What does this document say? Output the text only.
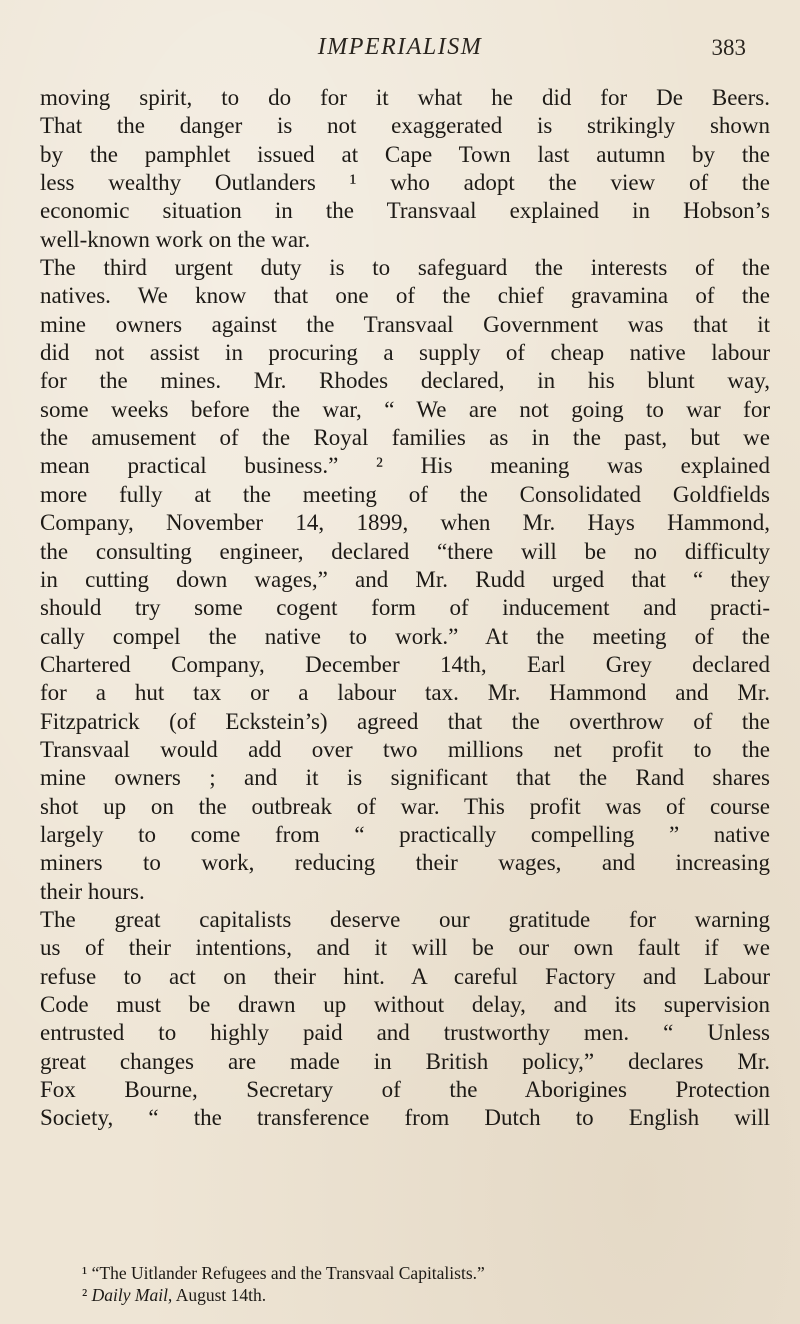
IMPERIALISM	383
moving spirit, to do for it what he did for De Beers.
That the danger is not exaggerated is strikingly shown
by the pamphlet issued at Cape Town last autumn by the
less wealthy Outlanders ¹ who adopt the view of the
economic situation in the Transvaal explained in Hobson’s
well-known work on the war.
The third urgent duty is to safeguard the interests of the
natives. We know that one of the chief gravamina of the
mine owners against the Transvaal Government was that it
did not assist in procuring a supply of cheap native labour
for the mines. Mr. Rhodes declared, in his blunt way,
some weeks before the war, “ We are not going to war for
the amusement of the Royal families as in the past, but we
mean practical business.” ² His meaning was explained
more fully at the meeting of the Consolidated Goldfields
Company, November 14, 1899, when Mr. Hays Hammond,
the consulting engineer, declared “there will be no difficulty
in cutting down wages,” and Mr. Rudd urged that “ they
should try some cogent form of inducement and practi-
cally compel the native to work.” At the meeting of the
Chartered Company, December 14th, Earl Grey declared
for a hut tax or a labour tax. Mr. Hammond and Mr.
Fitzpatrick (of Eckstein’s) agreed that the overthrow of the
Transvaal would add over two millions net profit to the
mine owners ; and it is significant that the Rand shares
shot up on the outbreak of war. This profit was of course
largely to come from “ practically compelling ” native
miners to work, reducing their wages, and increasing
their hours.
The great capitalists deserve our gratitude for warning
us of their intentions, and it will be our own fault if we
refuse to act on their hint. A careful Factory and Labour
Code must be drawn up without delay, and its supervision
entrusted to highly paid and trustworthy men. “ Unless
great changes are made in British policy,” declares Mr.
Fox Bourne, Secretary of the Aborigines Protection
Society, “ the transference from Dutch to English will
¹ “The Uitlander Refugees and the Transvaal Capitalists.”
² Daily Mail, August 14th.
